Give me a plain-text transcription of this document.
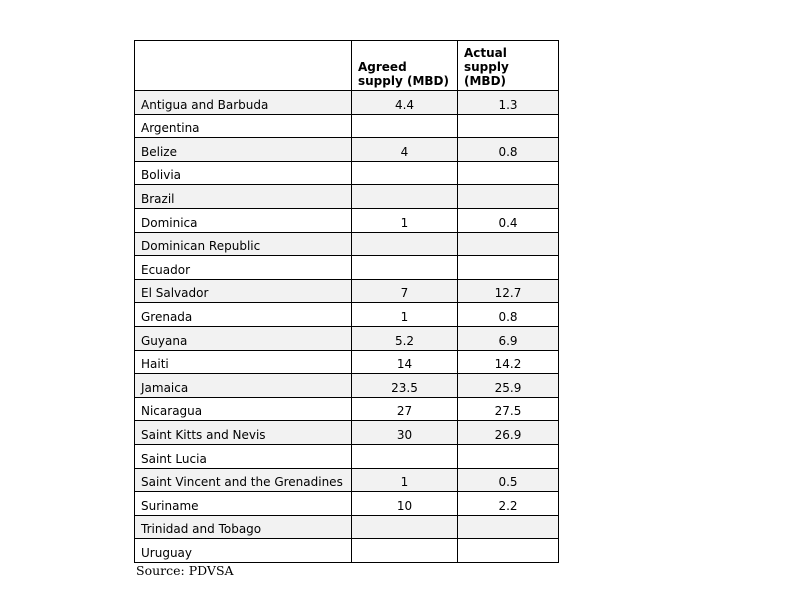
	Agreed supply (MBD)	Actual supply (MBD)
Antigua and Barbuda	4.4	1.3
Argentina		
Belize	4	0.8
Bolivia		
Brazil		
Dominica	1	0.4
Dominican Republic		
Ecuador		
El Salvador	7	12.7
Grenada	1	0.8
Guyana	5.2	6.9
Haiti	14	14.2
Jamaica	23.5	25.9
Nicaragua	27	27.5
Saint Kitts and Nevis	30	26.9
Saint Lucia		
Saint Vincent and the Grenadines	1	0.5
Suriname	10	2.2
Trinidad and Tobago		
Uruguay		
Source: PDVSA
